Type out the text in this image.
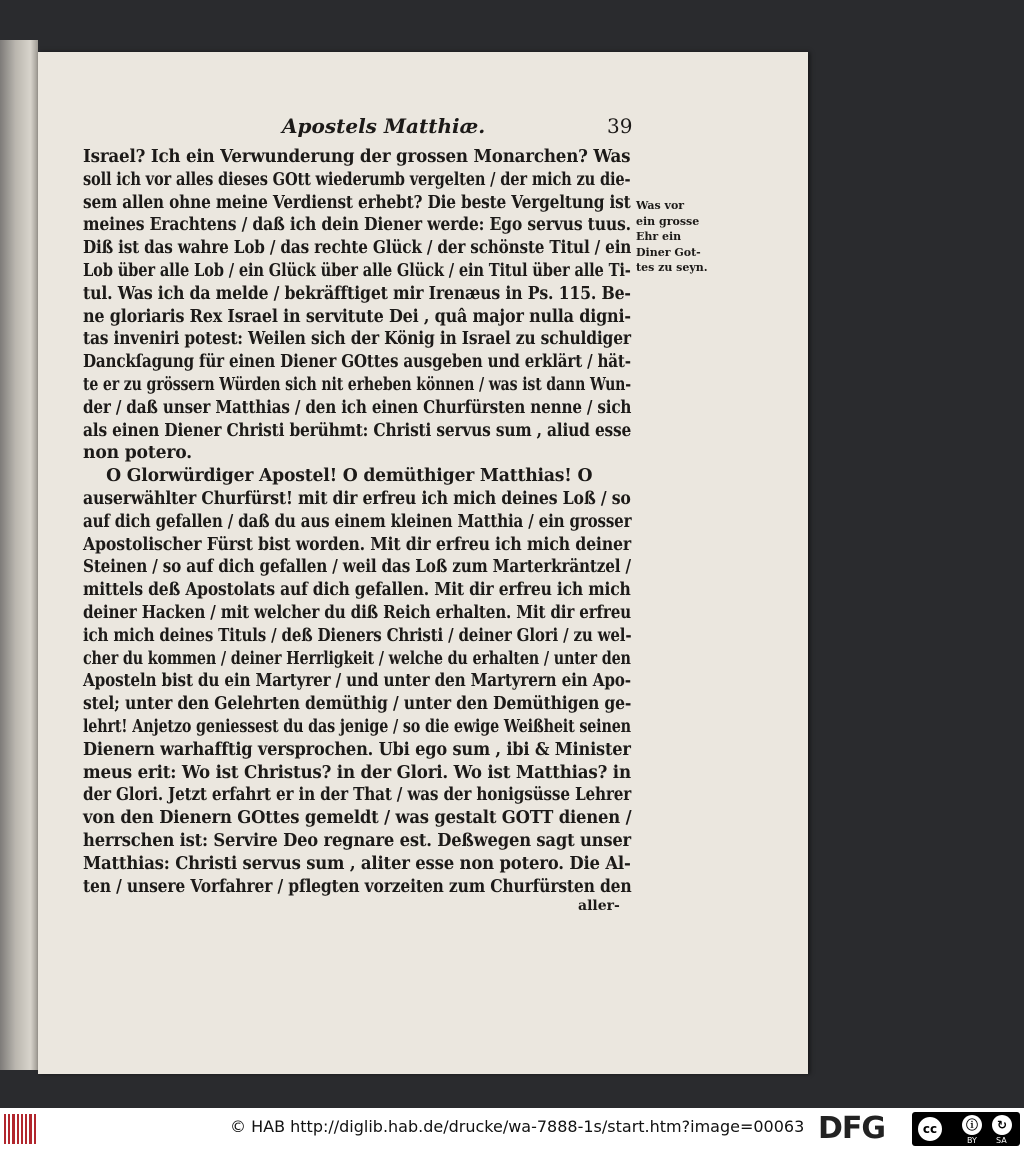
Apostels Matthiæ.	39
Israel? Ich ein Verwunderung der grossen Monarchen? Was
soll ich vor alles dieses GOtt wiederumb vergelten / der mich zu die-
sem allen ohne meine Verdienst erhebt? Die beste Vergeltung ist
meines Erachtens / daß ich dein Diener werde: Ego servus tuus.
Diß ist das wahre Lob / das rechte Glück / der schönste Titul / ein
Lob über alle Lob / ein Glück über alle Glück / ein Titul über alle Ti-
tul. Was ich da melde / bekräfftiget mir Irenæus in Ps. 115. Be-
ne gloriaris Rex Israel in servitute Dei , quâ major nulla digni-
tas inveniri potest: Weilen sich der König in Israel zu schuldiger
Danckſagung für einen Diener GOttes ausgeben und erklärt / hät-
te er zu grössern Würden sich nit erheben können / was ist dann Wun-
der / daß unser Matthias / den ich einen Churfürsten nenne / sich
als einen Diener Christi berühmt: Christi servus sum , aliud esse
non potero.
O Glorwürdiger Apostel! O demüthiger Matthias! O
auserwählter Churfürst! mit dir erfreu ich mich deines Loß / so
auf dich gefallen / daß du aus einem kleinen Matthia / ein grosser
Apostolischer Fürst bist worden. Mit dir erfreu ich mich deiner
Steinen / so auf dich gefallen / weil das Loß zum Marterkräntzel /
mittels deß Apostolats auf dich gefallen. Mit dir erfreu ich mich
deiner Hacken / mit welcher du diß Reich erhalten. Mit dir erfreu
ich mich deines Tituls / deß Dieners Christi / deiner Glori / zu wel-
cher du kommen / deiner Herrligkeit / welche du erhalten / unter den
Aposteln bist du ein Martyrer / und unter den Martyrern ein Apo-
stel; unter den Gelehrten demüthig / unter den Demüthigen ge-
lehrt! Anjetzo geniessest du das jenige / so die ewige Weißheit seinen
Dienern warhafftig versprochen. Ubi ego sum , ibi & Minister
meus erit: Wo ist Christus? in der Glori. Wo ist Matthias? in
der Glori. Jetzt erfahrt er in der That / was der honigsüsse Lehrer
von den Dienern GOttes gemeldt / was gestalt GOTT dienen /
herrschen ist: Servire Deo regnare est. Deßwegen sagt unser
Matthias: Christi servus sum , aliter esse non potero. Die Al-
ten / unsere Vorfahrer / pflegten vorzeiten zum Churfürsten den
Was vor
ein grosse
Ehr ein
Diner Got-
tes zu seyn.
aller-
© HAB http://diglib.hab.de/drucke/wa-7888-1s/start.htm?image=00063 DFG	cc	ⓘ	↻
BY SA
